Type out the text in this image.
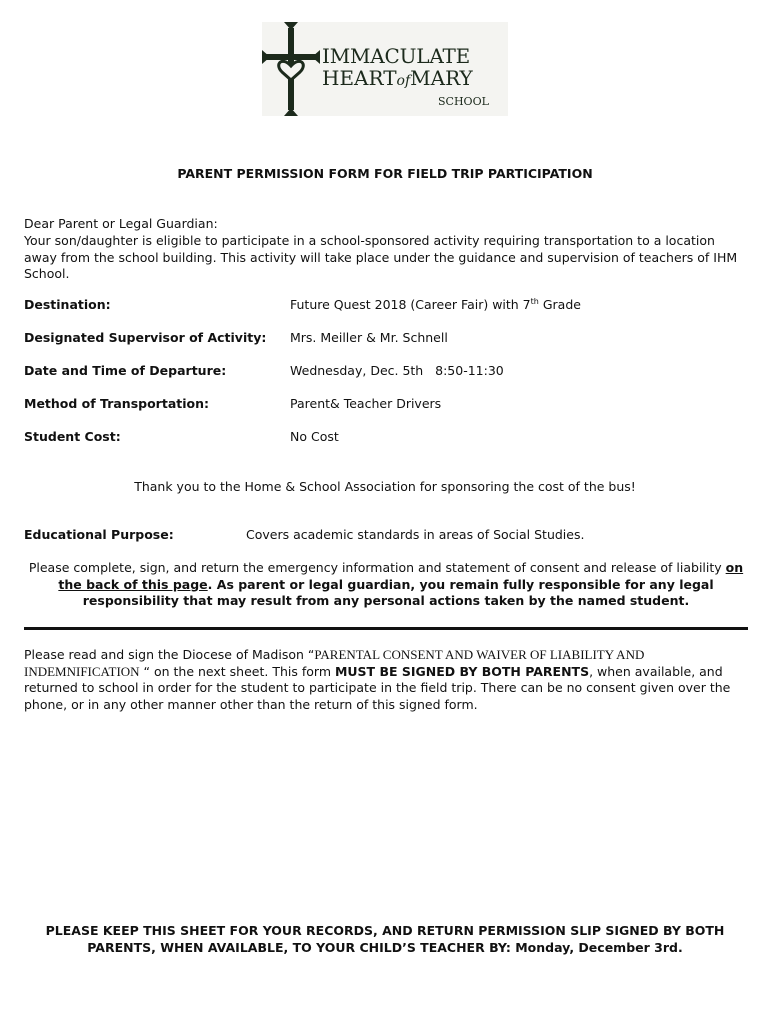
IMMACULATE
HEARTofMARY
SCHOOL
PARENT PERMISSION FORM FOR FIELD TRIP PARTICIPATION
Dear Parent or Legal Guardian:
Your son/daughter is eligible to participate in a school-sponsored activity requiring transportation to a location away from the school building. This activity will take place under the guidance and supervision of teachers of IHM School.
Destination:	Future Quest 2018 (Career Fair) with 7th Grade
Designated Supervisor of Activity: Mrs. Meiller & Mr. Schnell
Date and Time of Departure:	Wednesday, Dec. 5th   8:50-11:30
Method of Transportation:	Parent& Teacher Drivers
Student Cost:	No Cost
Thank you to the Home & School Association for sponsoring the cost of the bus!
Educational Purpose:	Covers academic standards in areas of Social Studies.
Please complete, sign, and return the emergency information and statement of consent and release of liability on the back of this page. As parent or legal guardian, you remain fully responsible for any legal responsibility that may result from any personal actions taken by the named student.
Please read and sign the Diocese of Madison “PARENTAL CONSENT AND WAIVER OF LIABILITY AND INDEMNIFICATION “ on the next sheet. This form MUST BE SIGNED BY BOTH PARENTS, when available, and returned to school in order for the student to participate in the field trip. There can be no consent given over the phone, or in any other manner other than the return of this signed form.
PLEASE KEEP THIS SHEET FOR YOUR RECORDS, AND RETURN PERMISSION SLIP SIGNED BY BOTH PARENTS, WHEN AVAILABLE, TO YOUR CHILD’S TEACHER BY: Monday, December 3rd.
